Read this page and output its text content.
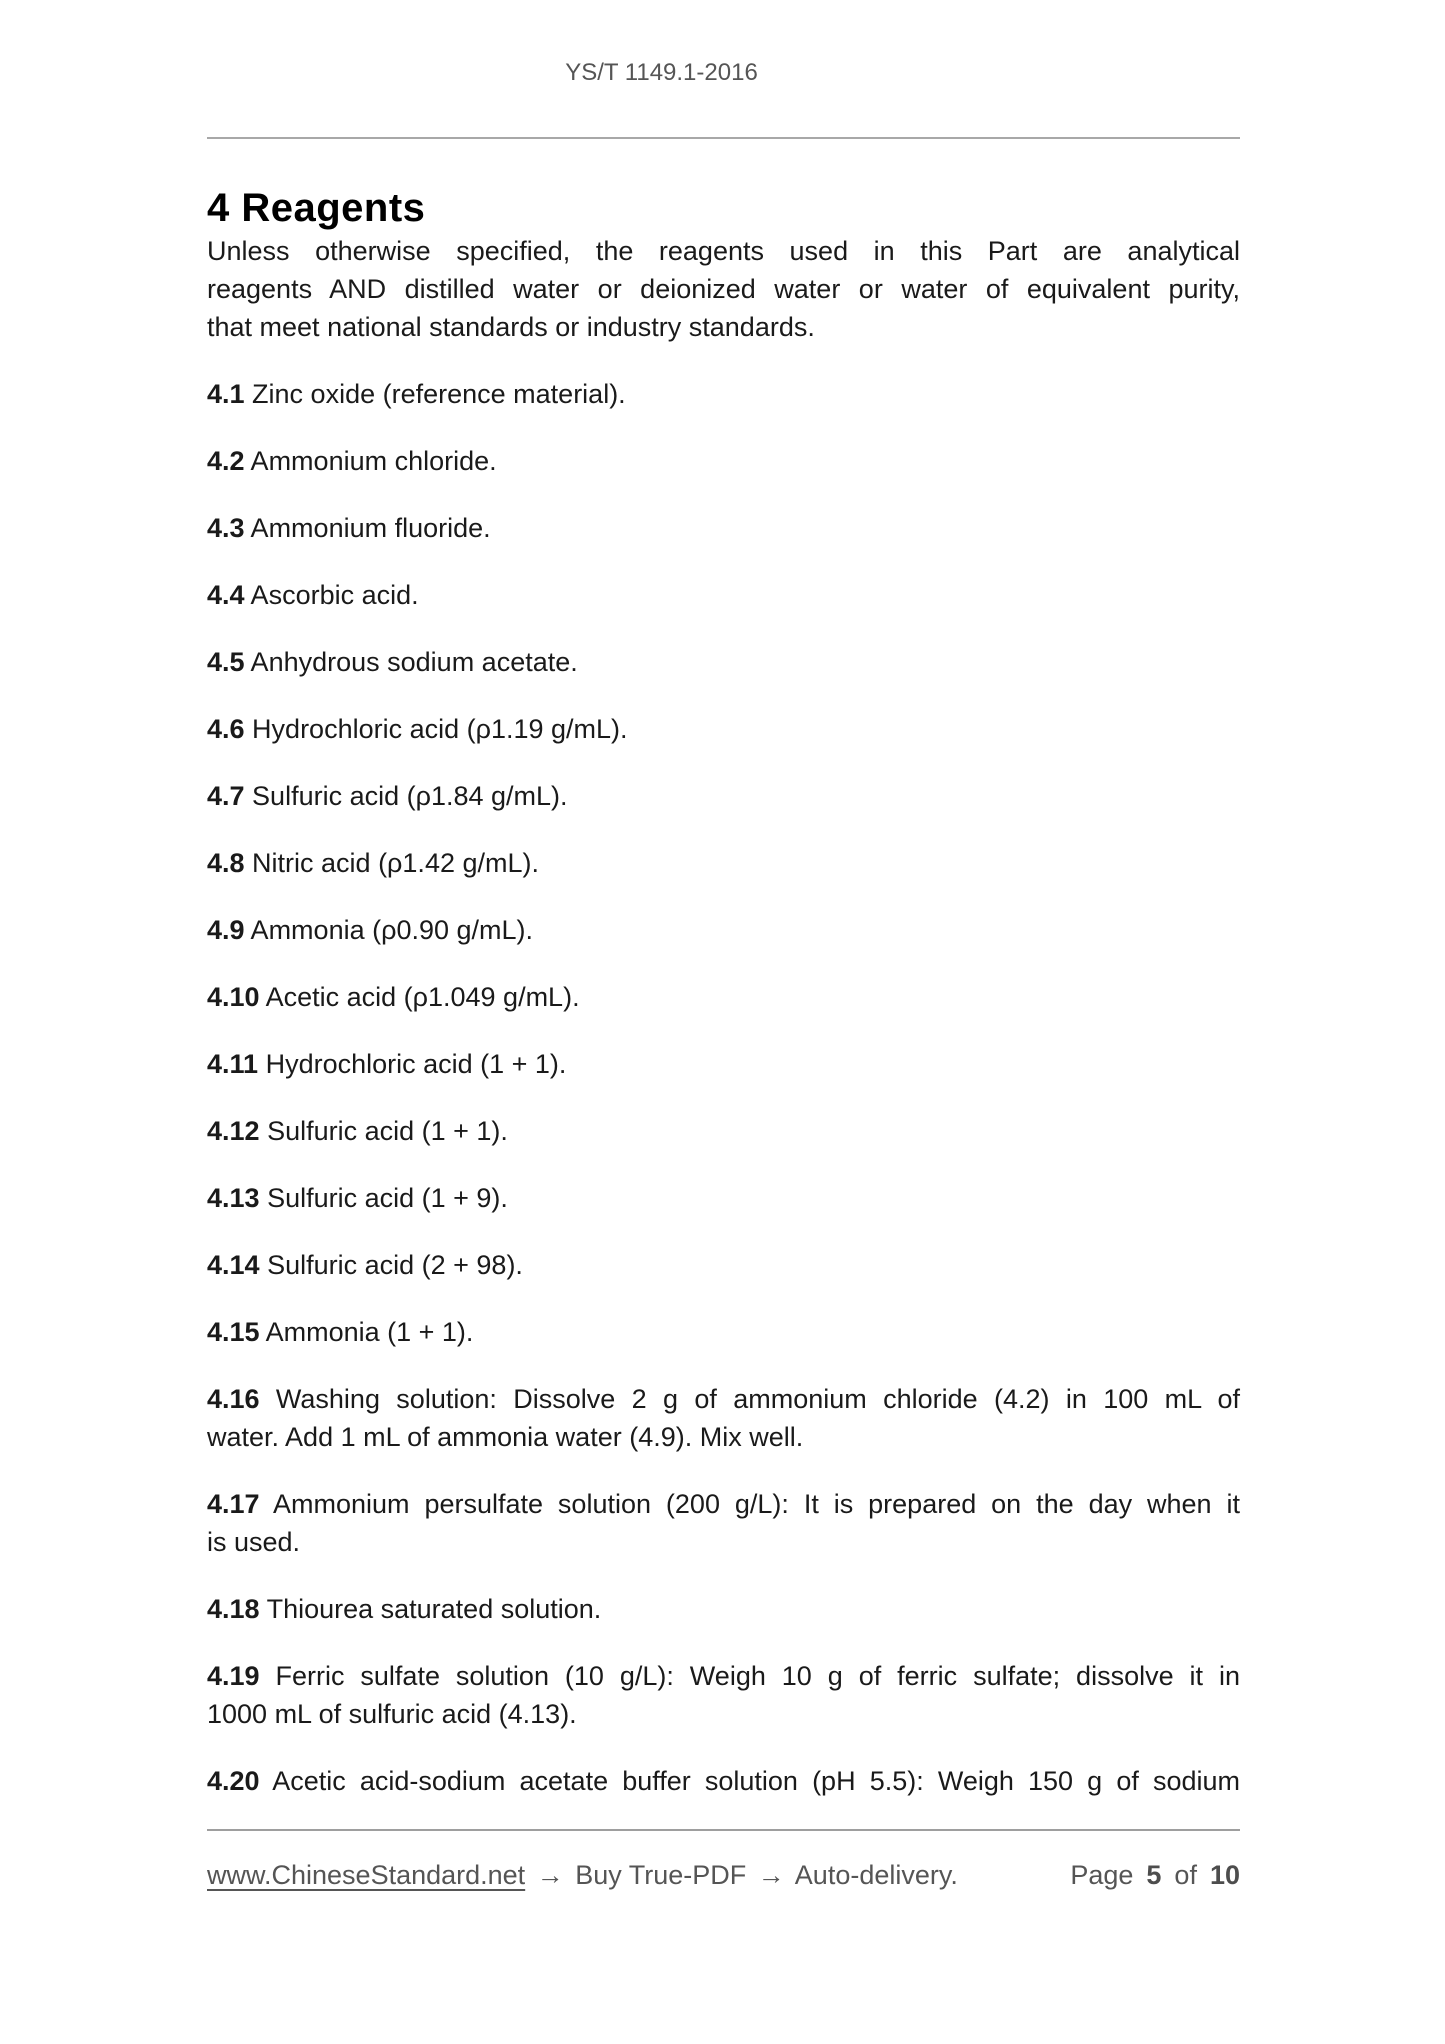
YS/T 1149.1-2016
4 Reagents
Unless otherwise specified, the reagents used in this Part are analytical
reagents AND distilled water or deionized water or water of equivalent purity,
that meet national standards or industry standards.
4.1 Zinc oxide (reference material).
4.2 Ammonium chloride.
4.3 Ammonium fluoride.
4.4 Ascorbic acid.
4.5 Anhydrous sodium acetate.
4.6 Hydrochloric acid (ρ1.19 g/mL).
4.7 Sulfuric acid (ρ1.84 g/mL).
4.8 Nitric acid (ρ1.42 g/mL).
4.9 Ammonia (ρ0.90 g/mL).
4.10 Acetic acid (ρ1.049 g/mL).
4.11 Hydrochloric acid (1 + 1).
4.12 Sulfuric acid (1 + 1).
4.13 Sulfuric acid (1 + 9).
4.14 Sulfuric acid (2 + 98).
4.15 Ammonia (1 + 1).
4.16 Washing solution: Dissolve 2 g of ammonium chloride (4.2) in 100 mL of
water. Add 1 mL of ammonia water (4.9). Mix well.
4.17 Ammonium persulfate solution (200 g/L): It is prepared on the day when it
is used.
4.18 Thiourea saturated solution.
4.19 Ferric sulfate solution (10 g/L): Weigh 10 g of ferric sulfate; dissolve it in
1000 mL of sulfuric acid (4.13).
4.20 Acetic acid-sodium acetate buffer solution (pH 5.5): Weigh 150 g of sodium
www.ChineseStandard.net → Buy True-PDF → Auto-delivery.	Page 5 of 10
